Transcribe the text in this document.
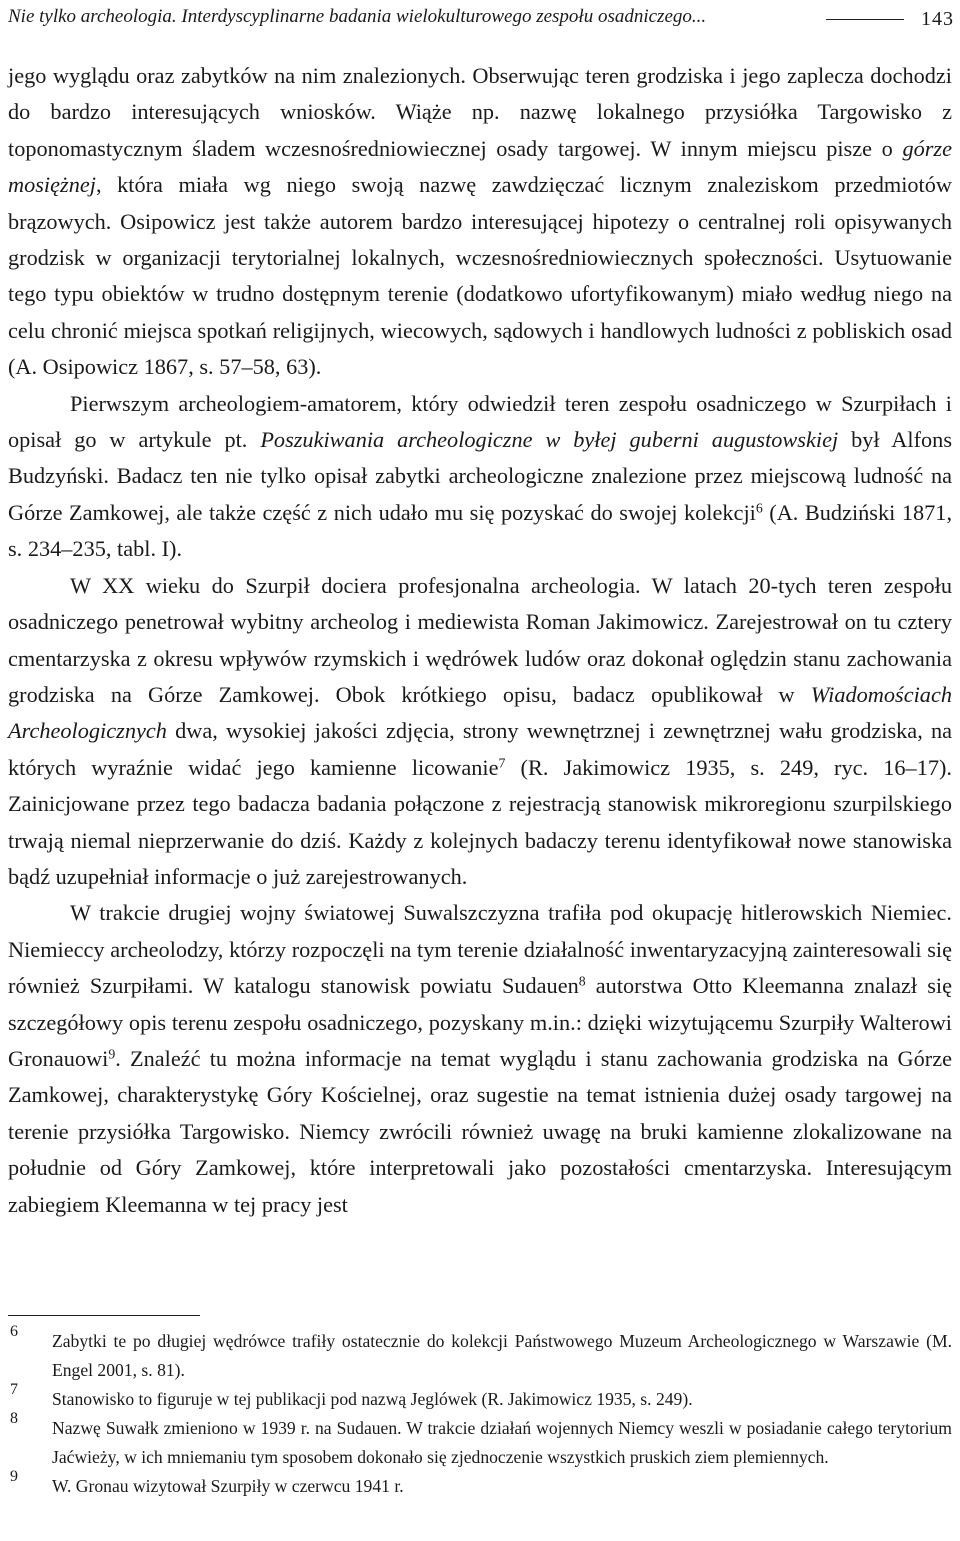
Nie tylko archeologia. Interdyscyplinarne badania wielokulturowego zespołu osadniczego...	143

jego wyglądu oraz zabytków na nim znalezionych. Obserwując teren grodziska i jego zaplecza dochodzi do bardzo interesujących wniosków. Wiąże np. nazwę lokalnego przysiółka Targowisko z toponomastycznym śladem wczesnośredniowiecznej osady targowej. W innym miejscu pisze o górze mosiężnej, która miała wg niego swoją nazwę zawdzięczać licznym znaleziskom przedmiotów brązowych. Osipowicz jest także autorem bardzo interesującej hipotezy o centralnej roli opisywanych grodzisk w organizacji terytorialnej lokalnych, wczesnośredniowiecznych społeczności. Usytuowanie tego typu obiektów w trudno dostępnym terenie (dodatkowo ufortyfikowanym) miało według niego na celu chronić miejsca spotkań religijnych, wiecowych, sądowych i handlowych ludności z pobliskich osad (A. Osipowicz 1867, s. 57–58, 63).

Pierwszym archeologiem-amatorem, który odwiedził teren zespołu osadniczego w Szurpiłach i opisał go w artykule pt. Poszukiwania archeologiczne w byłej guberni augustowskiej był Alfons Budzyński. Badacz ten nie tylko opisał zabytki archeologiczne znalezione przez miejscową ludność na Górze Zamkowej, ale także część z nich udało mu się pozyskać do swojej kolekcji$^6$ (A. Budziński 1871, s. 234–235, tabl. I).

W XX wieku do Szurpił dociera profesjonalna archeologia. W latach 20-tych teren zespołu osadniczego penetrował wybitny archeolog i mediewista Roman Jakimowicz. Zarejestrował on tu cztery cmentarzyska z okresu wpływów rzymskich i wędrówek ludów oraz dokonał oględzin stanu zachowania grodziska na Górze Zamkowej. Obok krótkiego opisu, badacz opublikował w Wiadomościach Archeologicznych dwa, wysokiej jakości zdjęcia, strony wewnętrznej i zewnętrznej wału grodziska, na których wyraźnie widać jego kamienne licowanie$^7$ (R. Jakimowicz 1935, s. 249, ryc. 16–17). Zainicjowane przez tego badacza badania połączone z rejestracją stanowisk mikroregionu szurpilskiego trwają niemal nieprzerwanie do dziś. Każdy z kolejnych badaczy terenu identyfikował nowe stanowiska bądź uzupełniał informacje o już zarejestrowanych.

W trakcie drugiej wojny światowej Suwalszczyzna trafiła pod okupację hitlerowskich Niemiec. Niemieccy archeolodzy, którzy rozpoczęli na tym terenie działalność inwentaryzacyjną zainteresowali się również Szurpiłami. W katalogu stanowisk powiatu Sudauen$^8$ autorstwa Otto Kleemanna znalazł się szczegółowy opis terenu zespołu osadniczego, pozyskany m.in.: dzięki wizytującemu Szurpiły Walterowi Gronauowi$^9$. Znaleźć tu można informacje na temat wyglądu i stanu zachowania grodziska na Górze Zamkowej, charakterystykę Góry Kościelnej, oraz sugestie na temat istnienia dużej osady targowej na terenie przysiółka Targowisko. Niemcy zwrócili również uwagę na bruki kamienne zlokalizowane na południe od Góry Zamkowej, które interpretowali jako pozostałości cmentarzyska. Interesującym zabiegiem Kleemanna w tej pracy jest

6 Zabytki te po długiej wędrówce trafiły ostatecznie do kolekcji Państwowego Muzeum Archeologicznego w Warszawie (M. Engel 2001, s. 81).

7 Stanowisko to figuruje w tej publikacji pod nazwą Jeglówek (R. Jakimowicz 1935, s. 249).

8 Nazwę Suwałk zmieniono w 1939 r. na Sudauen. W trakcie działań wojennych Niemcy weszli w posiadanie całego terytorium Jaćwieży, w ich mniemaniu tym sposobem dokonało się zjednoczenie wszystkich pruskich ziem plemiennych.

9 W. Gronau wizytował Szurpiły w czerwcu 1941 r.
